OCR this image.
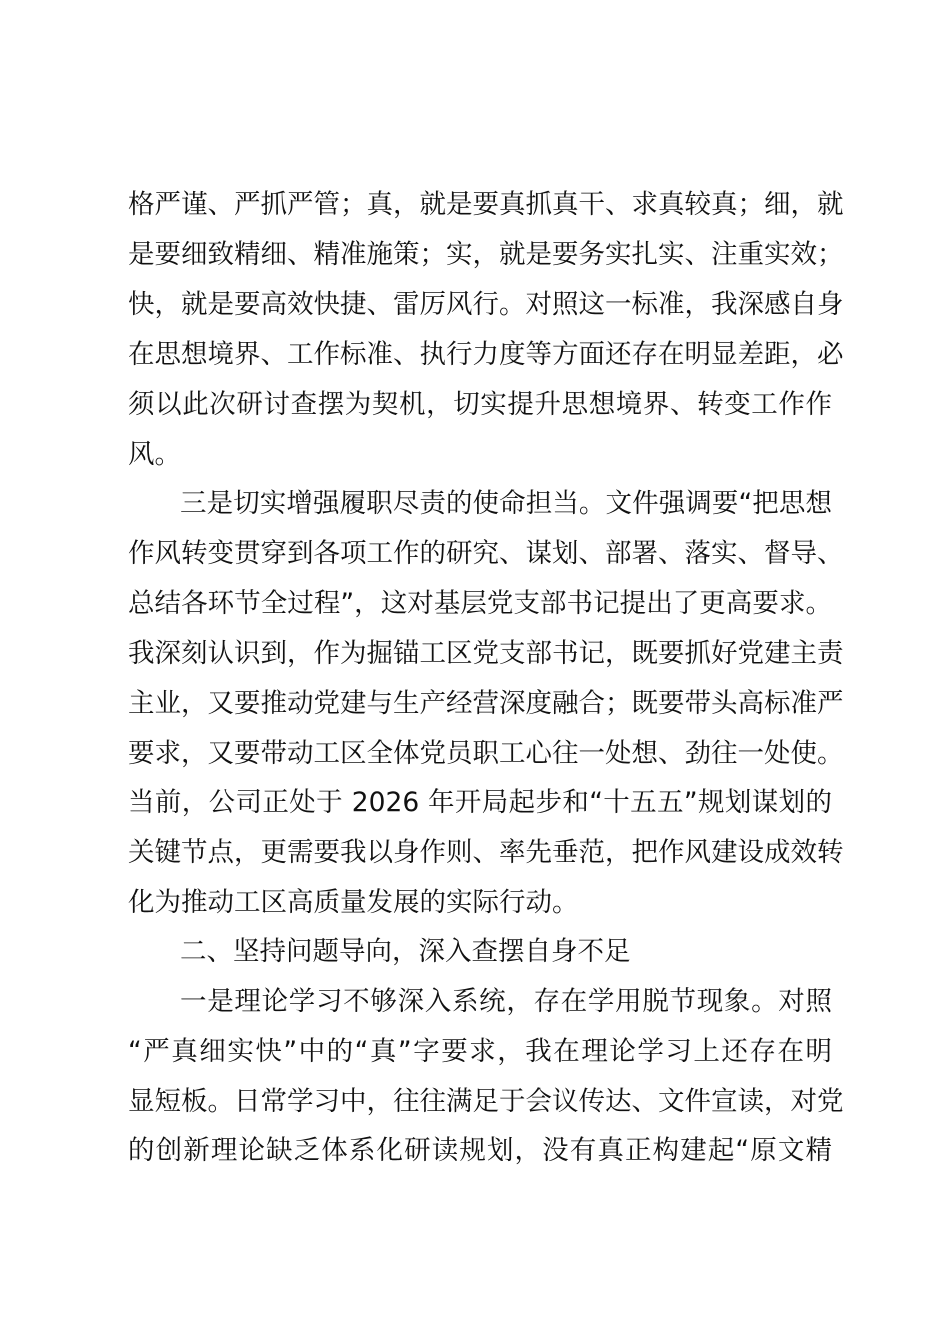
格严谨、严抓严管；真，就是要真抓真干、求真较真；细，就
是要细致精细、精准施策；实，就是要务实扎实、注重实效；
快，就是要高效快捷、雷厉风行。对照这一标准，我深感自身
在思想境界、工作标准、执行力度等方面还存在明显差距，必
须以此次研讨查摆为契机，切实提升思想境界、转变工作作
风。
三是切实增强履职尽责的使命担当。文件强调要“把思想
作风转变贯穿到各项工作的研究、谋划、部署、落实、督导、
总结各环节全过程”，这对基层党支部书记提出了更高要求。
我深刻认识到，作为掘锚工区党支部书记，既要抓好党建主责
主业，又要推动党建与生产经营深度融合；既要带头高标准严
要求，又要带动工区全体党员职工心往一处想、劲往一处使。
当前，公司正处于 2026 年开局起步和“十五五”规划谋划的
关键节点，更需要我以身作则、率先垂范，把作风建设成效转
化为推动工区高质量发展的实际行动。
二、坚持问题导向，深入查摆自身不足
一是理论学习不够深入系统，存在学用脱节现象。对照
“严真细实快”中的“真”字要求，我在理论学习上还存在明
显短板。日常学习中，往往满足于会议传达、文件宣读，对党
的创新理论缺乏体系化研读规划，没有真正构建起“原文精
